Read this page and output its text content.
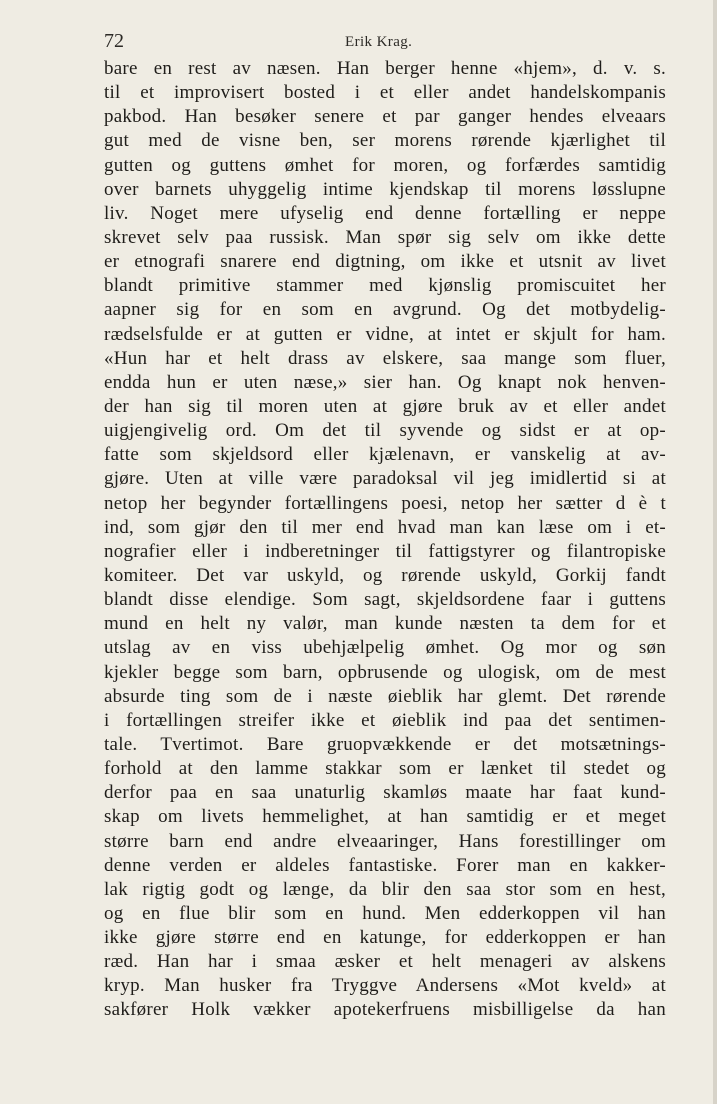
72	Erik Krag.
bare en rest av næsen. Han berger henne «hjem», d. v. s.
til et improvisert bosted i et eller andet handelskompanis
pakbod. Han besøker senere et par ganger hendes elveaars
gut med de visne ben, ser morens rørende kjærlighet til
gutten og guttens ømhet for moren, og forfærdes samtidig
over barnets uhyggelig intime kjendskap til morens løsslupne
liv. Noget mere ufyselig end denne fortælling er neppe
skrevet selv paa russisk. Man spør sig selv om ikke dette
er etnografi snarere end digtning, om ikke et utsnit av livet
blandt primitive stammer med kjønslig promiscuitet her
aapner sig for en som en avgrund. Og det motbydelig-
rædselsfulde er at gutten er vidne, at intet er skjult for ham.
«Hun har et helt drass av elskere, saa mange som fluer,
endda hun er uten næse,» sier han. Og knapt nok henven-
der han sig til moren uten at gjøre bruk av et eller andet
uigjengivelig ord. Om det til syvende og sidst er at op-
fatte som skjeldsord eller kjælenavn, er vanskelig at av-
gjøre. Uten at ville være paradoksal vil jeg imidlertid si at
netop her begynder fortællingens poesi, netop her sætter d è t
ind, som gjør den til mer end hvad man kan læse om i et-
nografier eller i indberetninger til fattigstyrer og filantropiske
komiteer. Det var uskyld, og rørende uskyld, Gorkij fandt
blandt disse elendige. Som sagt, skjeldsordene faar i guttens
mund en helt ny valør, man kunde næsten ta dem for et
utslag av en viss ubehjælpelig ømhet. Og mor og søn
kjekler begge som barn, opbrusende og ulogisk, om de mest
absurde ting som de i næste øieblik har glemt. Det rørende
i fortællingen streifer ikke et øieblik ind paa det sentimen-
tale. Tvertimot. Bare gruopvækkende er det motsætnings-
forhold at den lamme stakkar som er lænket til stedet og
derfor paa en saa unaturlig skamløs maate har faat kund-
skap om livets hemmelighet, at han samtidig er et meget
større barn end andre elveaaringer, Hans forestillinger om
denne verden er aldeles fantastiske. Forer man en kakker-
lak rigtig godt og længe, da blir den saa stor som en hest,
og en flue blir som en hund. Men edderkoppen vil han
ikke gjøre større end en katunge, for edderkoppen er han
ræd. Han har i smaa æsker et helt menageri av alskens
kryp. Man husker fra Tryggve Andersens «Mot kveld» at
sakfører Holk vækker apotekerfruens misbilligelse da han
